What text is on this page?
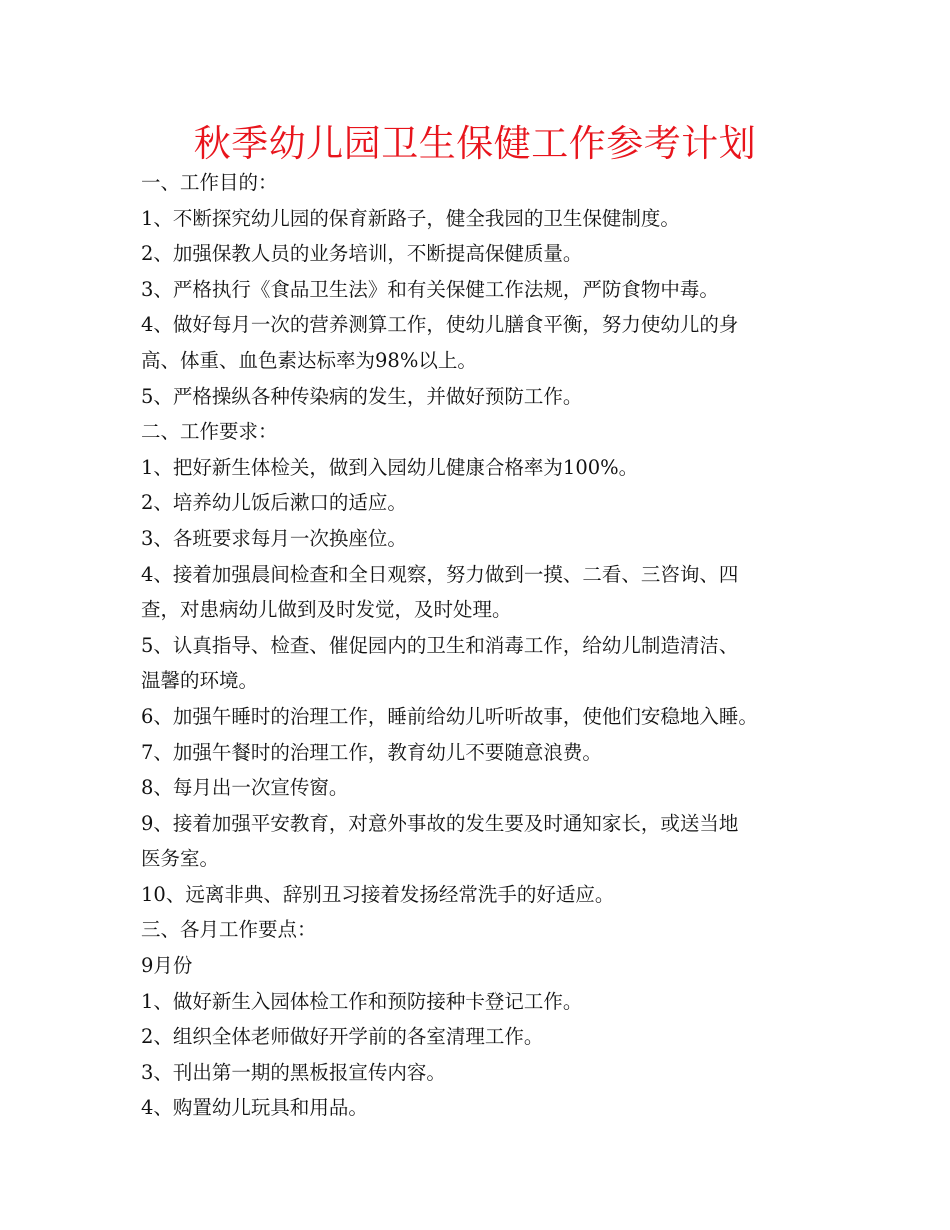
秋季幼儿园卫生保健工作参考计划
一、工作目的：
1、不断探究幼儿园的保育新路子，健全我园的卫生保健制度。
2、加强保教人员的业务培训，不断提高保健质量。
3、严格执行《食品卫生法》和有关保健工作法规，严防食物中毒。
4、做好每月一次的营养测算工作，使幼儿膳食平衡，努力使幼儿的身
高、体重、血色素达标率为98%以上。
5、严格操纵各种传染病的发生，并做好预防工作。
二、工作要求：
1、把好新生体检关，做到入园幼儿健康合格率为100%。
2、培养幼儿饭后漱口的适应。
3、各班要求每月一次换座位。
4、接着加强晨间检查和全日观察，努力做到一摸、二看、三咨询、四
查，对患病幼儿做到及时发觉，及时处理。
5、认真指导、检查、催促园内的卫生和消毒工作，给幼儿制造清洁、
温馨的环境。
6、加强午睡时的治理工作，睡前给幼儿听听故事，使他们安稳地入睡。
7、加强午餐时的治理工作，教育幼儿不要随意浪费。
8、每月出一次宣传窗。
9、接着加强平安教育，对意外事故的发生要及时通知家长，或送当地
医务室。
10、远离非典、辞别丑习接着发扬经常洗手的好适应。
三、各月工作要点：
9月份
1、做好新生入园体检工作和预防接种卡登记工作。
2、组织全体老师做好开学前的各室清理工作。
3、刊出第一期的黑板报宣传内容。
4、购置幼儿玩具和用品。
